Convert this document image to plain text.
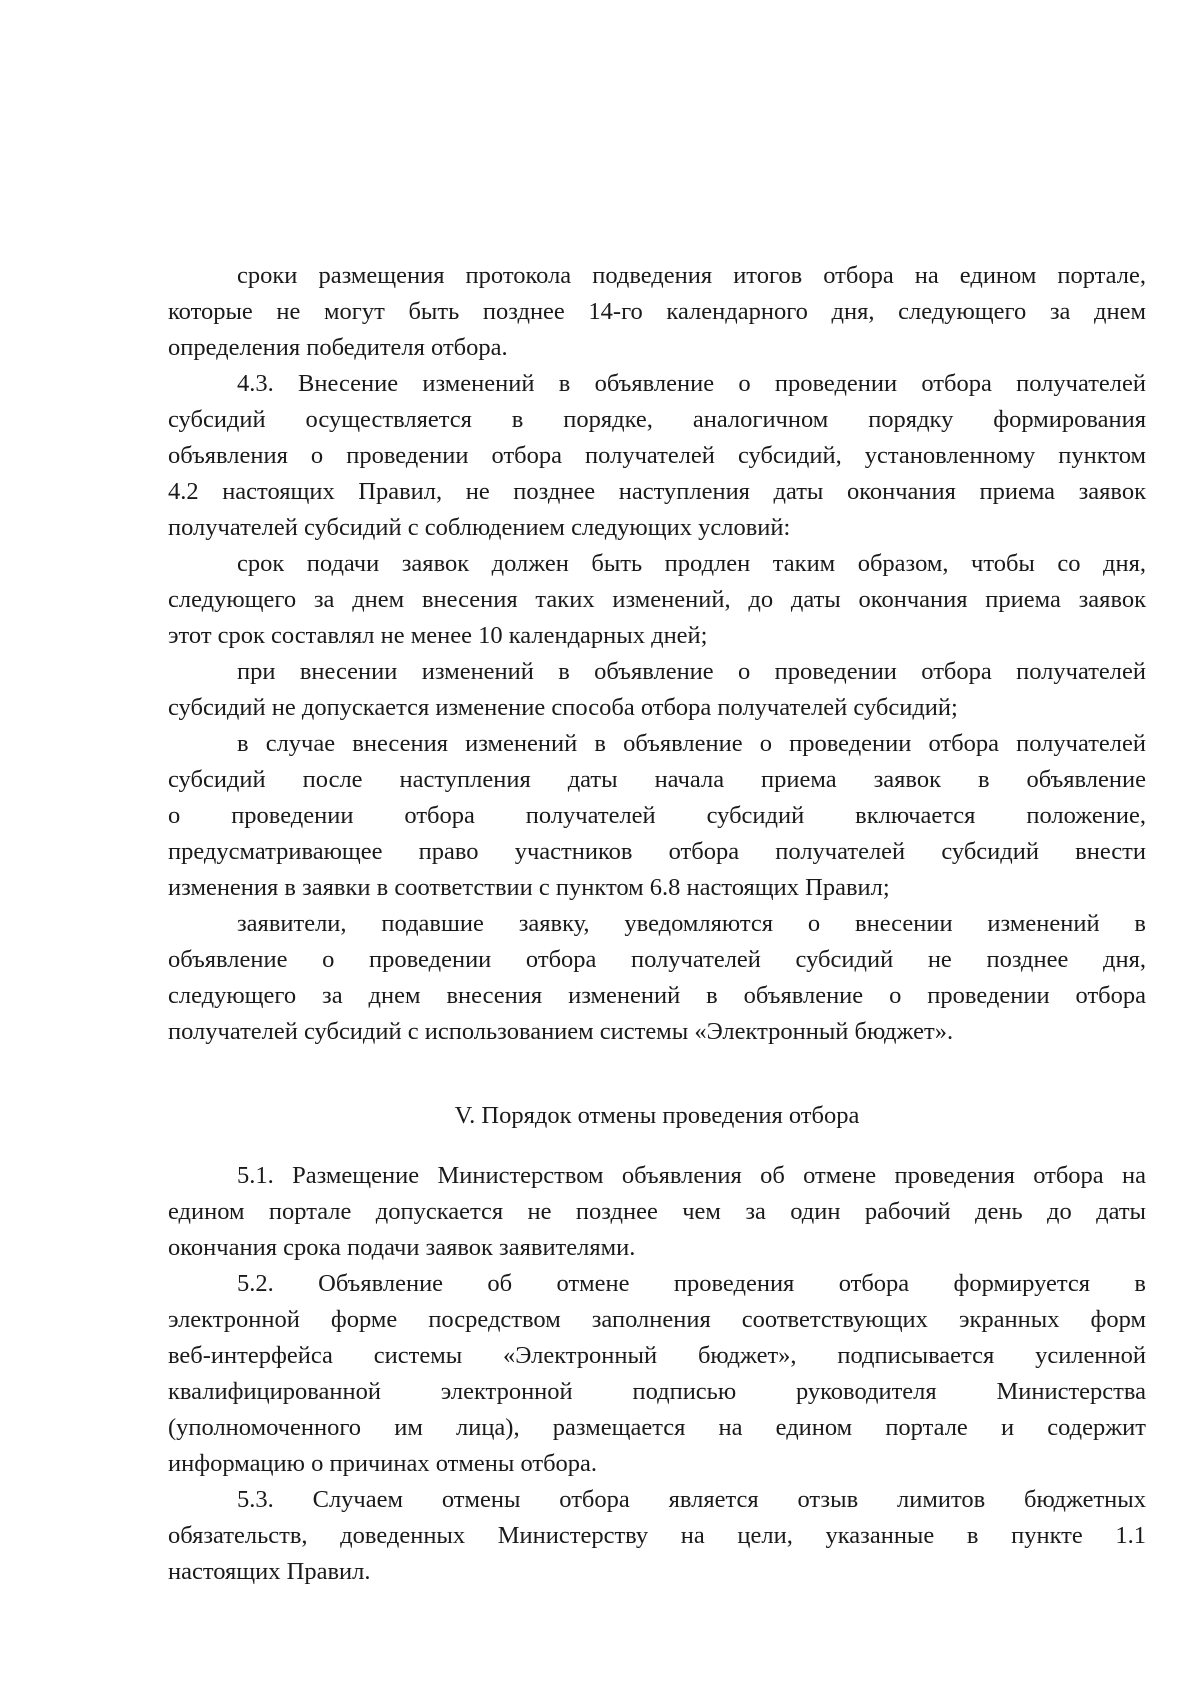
сроки размещения протокола подведения итогов отбора на едином портале,
которые не могут быть позднее 14-го календарного дня, следующего за днем
определения победителя отбора.
4.3. Внесение изменений в объявление о проведении отбора получателей
субсидий осуществляется в порядке, аналогичном порядку формирования
объявления о проведении отбора получателей субсидий, установленному пунктом
4.2 настоящих Правил, не позднее наступления даты окончания приема заявок
получателей субсидий с соблюдением следующих условий:
срок подачи заявок должен быть продлен таким образом, чтобы со дня,
следующего за днем внесения таких изменений, до даты окончания приема заявок
этот срок составлял не менее 10 календарных дней;
при внесении изменений в объявление о проведении отбора получателей
субсидий не допускается изменение способа отбора получателей субсидий;
в случае внесения изменений в объявление о проведении отбора получателей
субсидий после наступления даты начала приема заявок в объявление
о проведении отбора получателей субсидий включается положение,
предусматривающее право участников отбора получателей субсидий внести
изменения в заявки в соответствии с пунктом 6.8 настоящих Правил;
заявители, подавшие заявку, уведомляются о внесении изменений в
объявление о проведении отбора получателей субсидий не позднее дня,
следующего за днем внесения изменений в объявление о проведении отбора
получателей субсидий с использованием системы «Электронный бюджет».
V. Порядок отмены проведения отбора
5.1. Размещение Министерством объявления об отмене проведения отбора на
едином портале допускается не позднее чем за один рабочий день до даты
окончания срока подачи заявок заявителями.
5.2. Объявление об отмене проведения отбора формируется в
электронной форме посредством заполнения соответствующих экранных форм
веб-интерфейса системы «Электронный бюджет», подписывается усиленной
квалифицированной электронной подписью руководителя Министерства
(уполномоченного им лица), размещается на едином портале и содержит
информацию о причинах отмены отбора.
5.3. Случаем отмены отбора является отзыв лимитов бюджетных
обязательств, доведенных Министерству на цели, указанные в пункте 1.1
настоящих Правил.
